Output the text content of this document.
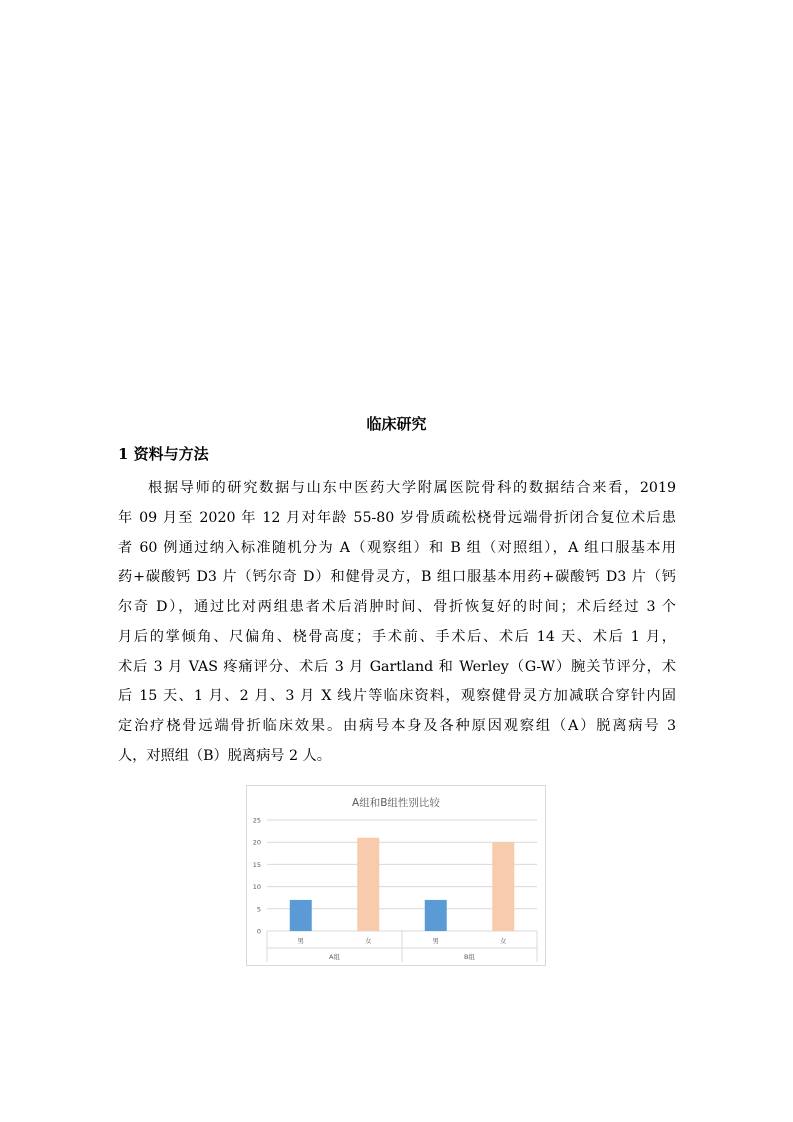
临床研究
1 资料与方法
根据导师的研究数据与山东中医药大学附属医院骨科的数据结合来看，2019
年 09 月至 2020 年 12 月对年龄 55-80 岁骨质疏松桡骨远端骨折闭合复位术后患
者 60 例通过纳入标准随机分为 A（观察组）和 B 组（对照组），A 组口服基本用
药+碳酸钙 D3 片（钙尔奇 D）和健骨灵方，B 组口服基本用药+碳酸钙 D3 片（钙
尔奇 D），通过比对两组患者术后消肿时间、骨折恢复好的时间；术后经过 3 个
月后的掌倾角、尺偏角、桡骨高度；手术前、手术后、术后 14 天、术后 1 月，
术后 3 月 VAS 疼痛评分、术后 3 月 Gartland 和 Werley（G-W）腕关节评分，术
后 15 天、1 月、2 月、3 月 X 线片等临床资料，观察健骨灵方加减联合穿针内固
定治疗桡骨远端骨折临床效果。由病号本身及各种原因观察组（A）脱离病号 3
人，对照组（B）脱离病号 2 人。
A组和B组性别比较
0
5
10
15
20
25
男	女	男	女
A组	B组
